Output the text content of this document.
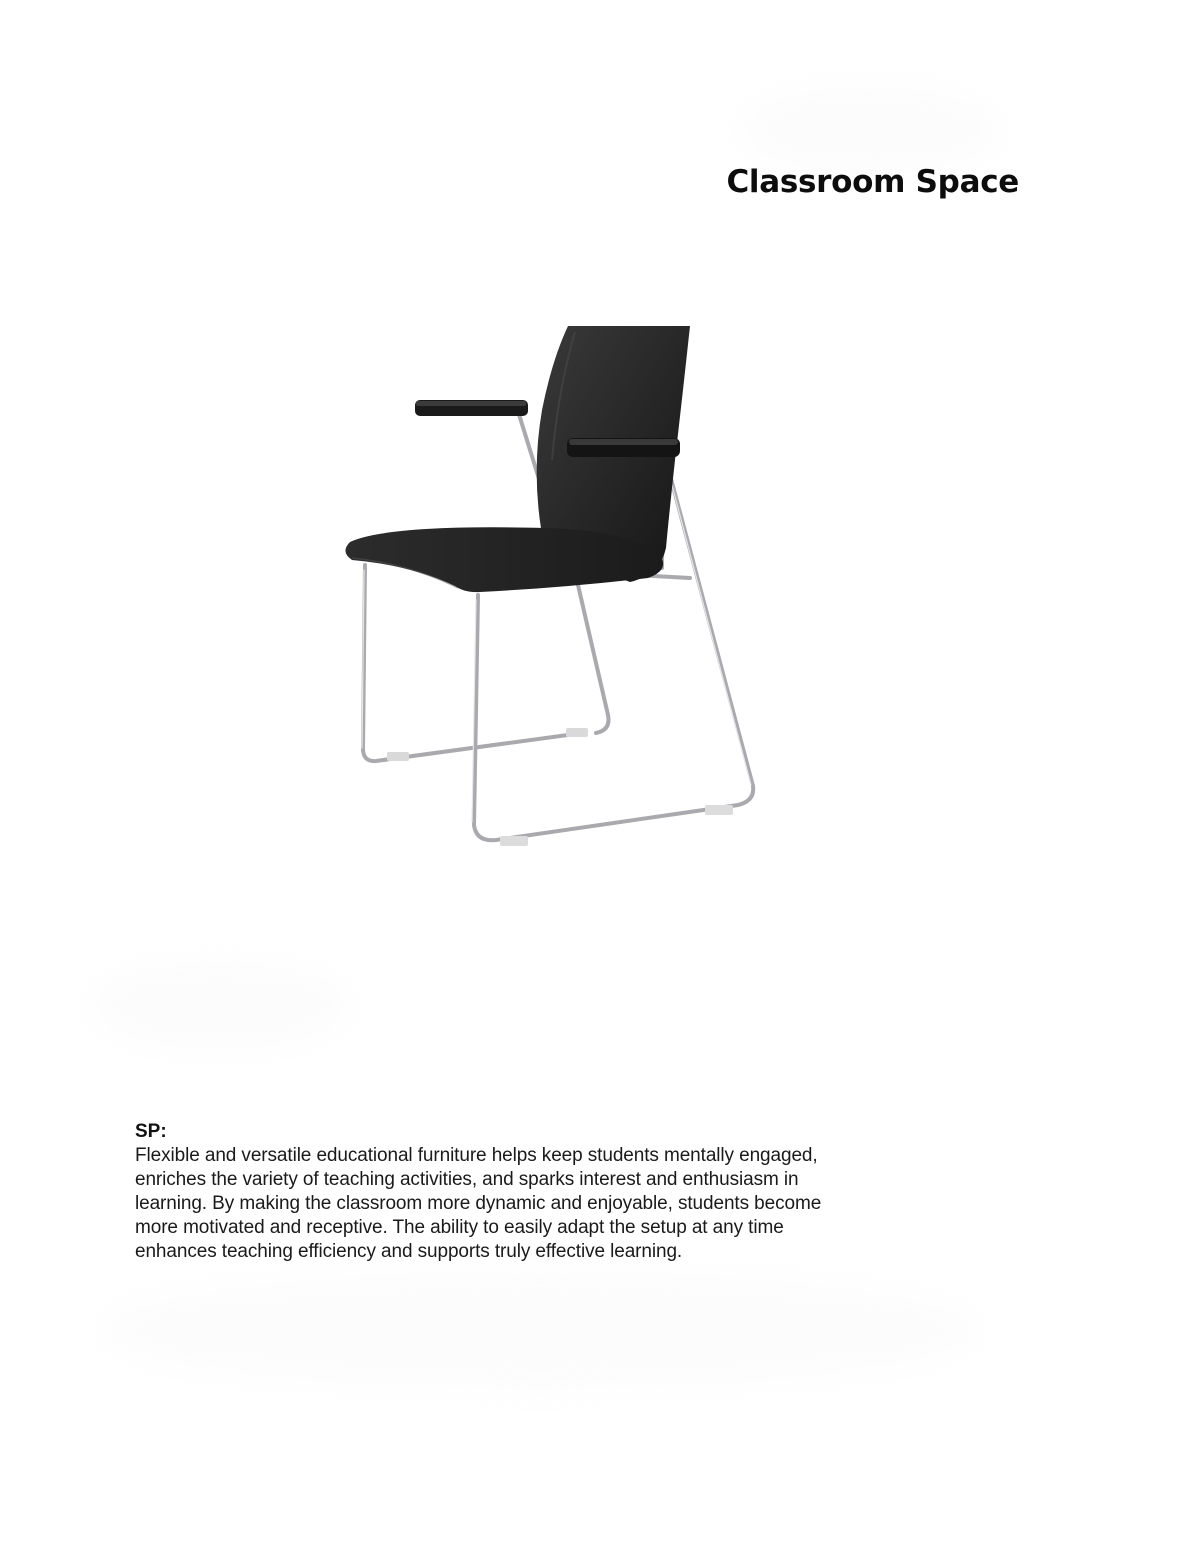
Classroom Space
SP:

Flexible and versatile educational furniture helps keep students mentally engaged,
enriches the variety of teaching activities, and sparks interest and enthusiasm in
learning. By making the classroom more dynamic and enjoyable, students become
more motivated and receptive. The ability to easily adapt the setup at any time
enhances teaching efficiency and supports truly effective learning.
